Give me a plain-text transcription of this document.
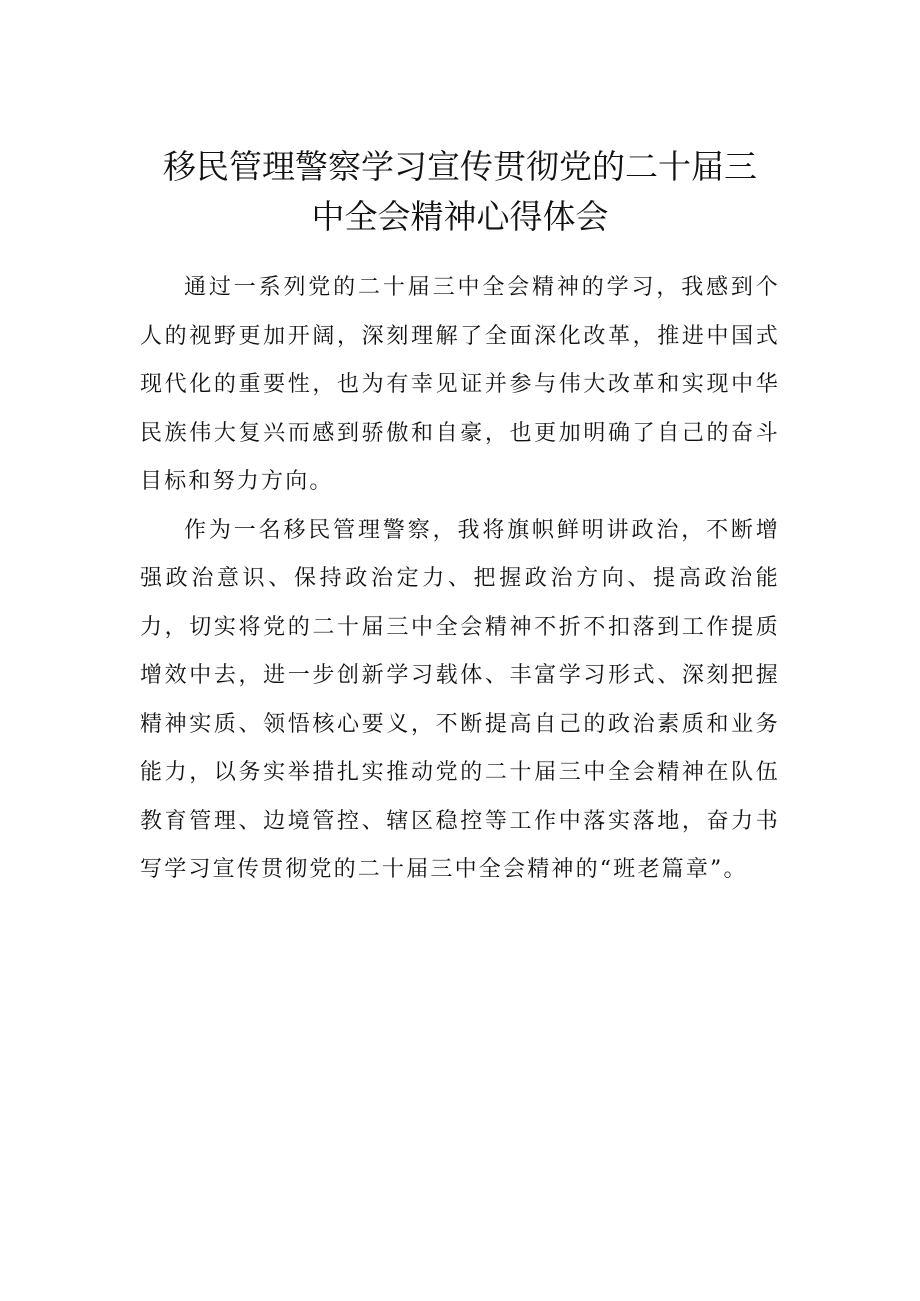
移民管理警察学习宣传贯彻党的二十届三
中全会精神心得体会

通过一系列党的二十届三中全会精神的学习，我感到个人的视野更加开阔，深刻理解了全面深化改革，推进中国式现代化的重要性，也为有幸见证并参与伟大改革和实现中华民族伟大复兴而感到骄傲和自豪，也更加明确了自己的奋斗目标和努力方向。

作为一名移民管理警察，我将旗帜鲜明讲政治，不断增强政治意识、保持政治定力、把握政治方向、提高政治能力，切实将党的二十届三中全会精神不折不扣落到工作提质增效中去，进一步创新学习载体、丰富学习形式、深刻把握精神实质、领悟核心要义，不断提高自己的政治素质和业务能力，以务实举措扎实推动党的二十届三中全会精神在队伍教育管理、边境管控、辖区稳控等工作中落实落地，奋力书写学习宣传贯彻党的二十届三中全会精神的“班老篇章”。
